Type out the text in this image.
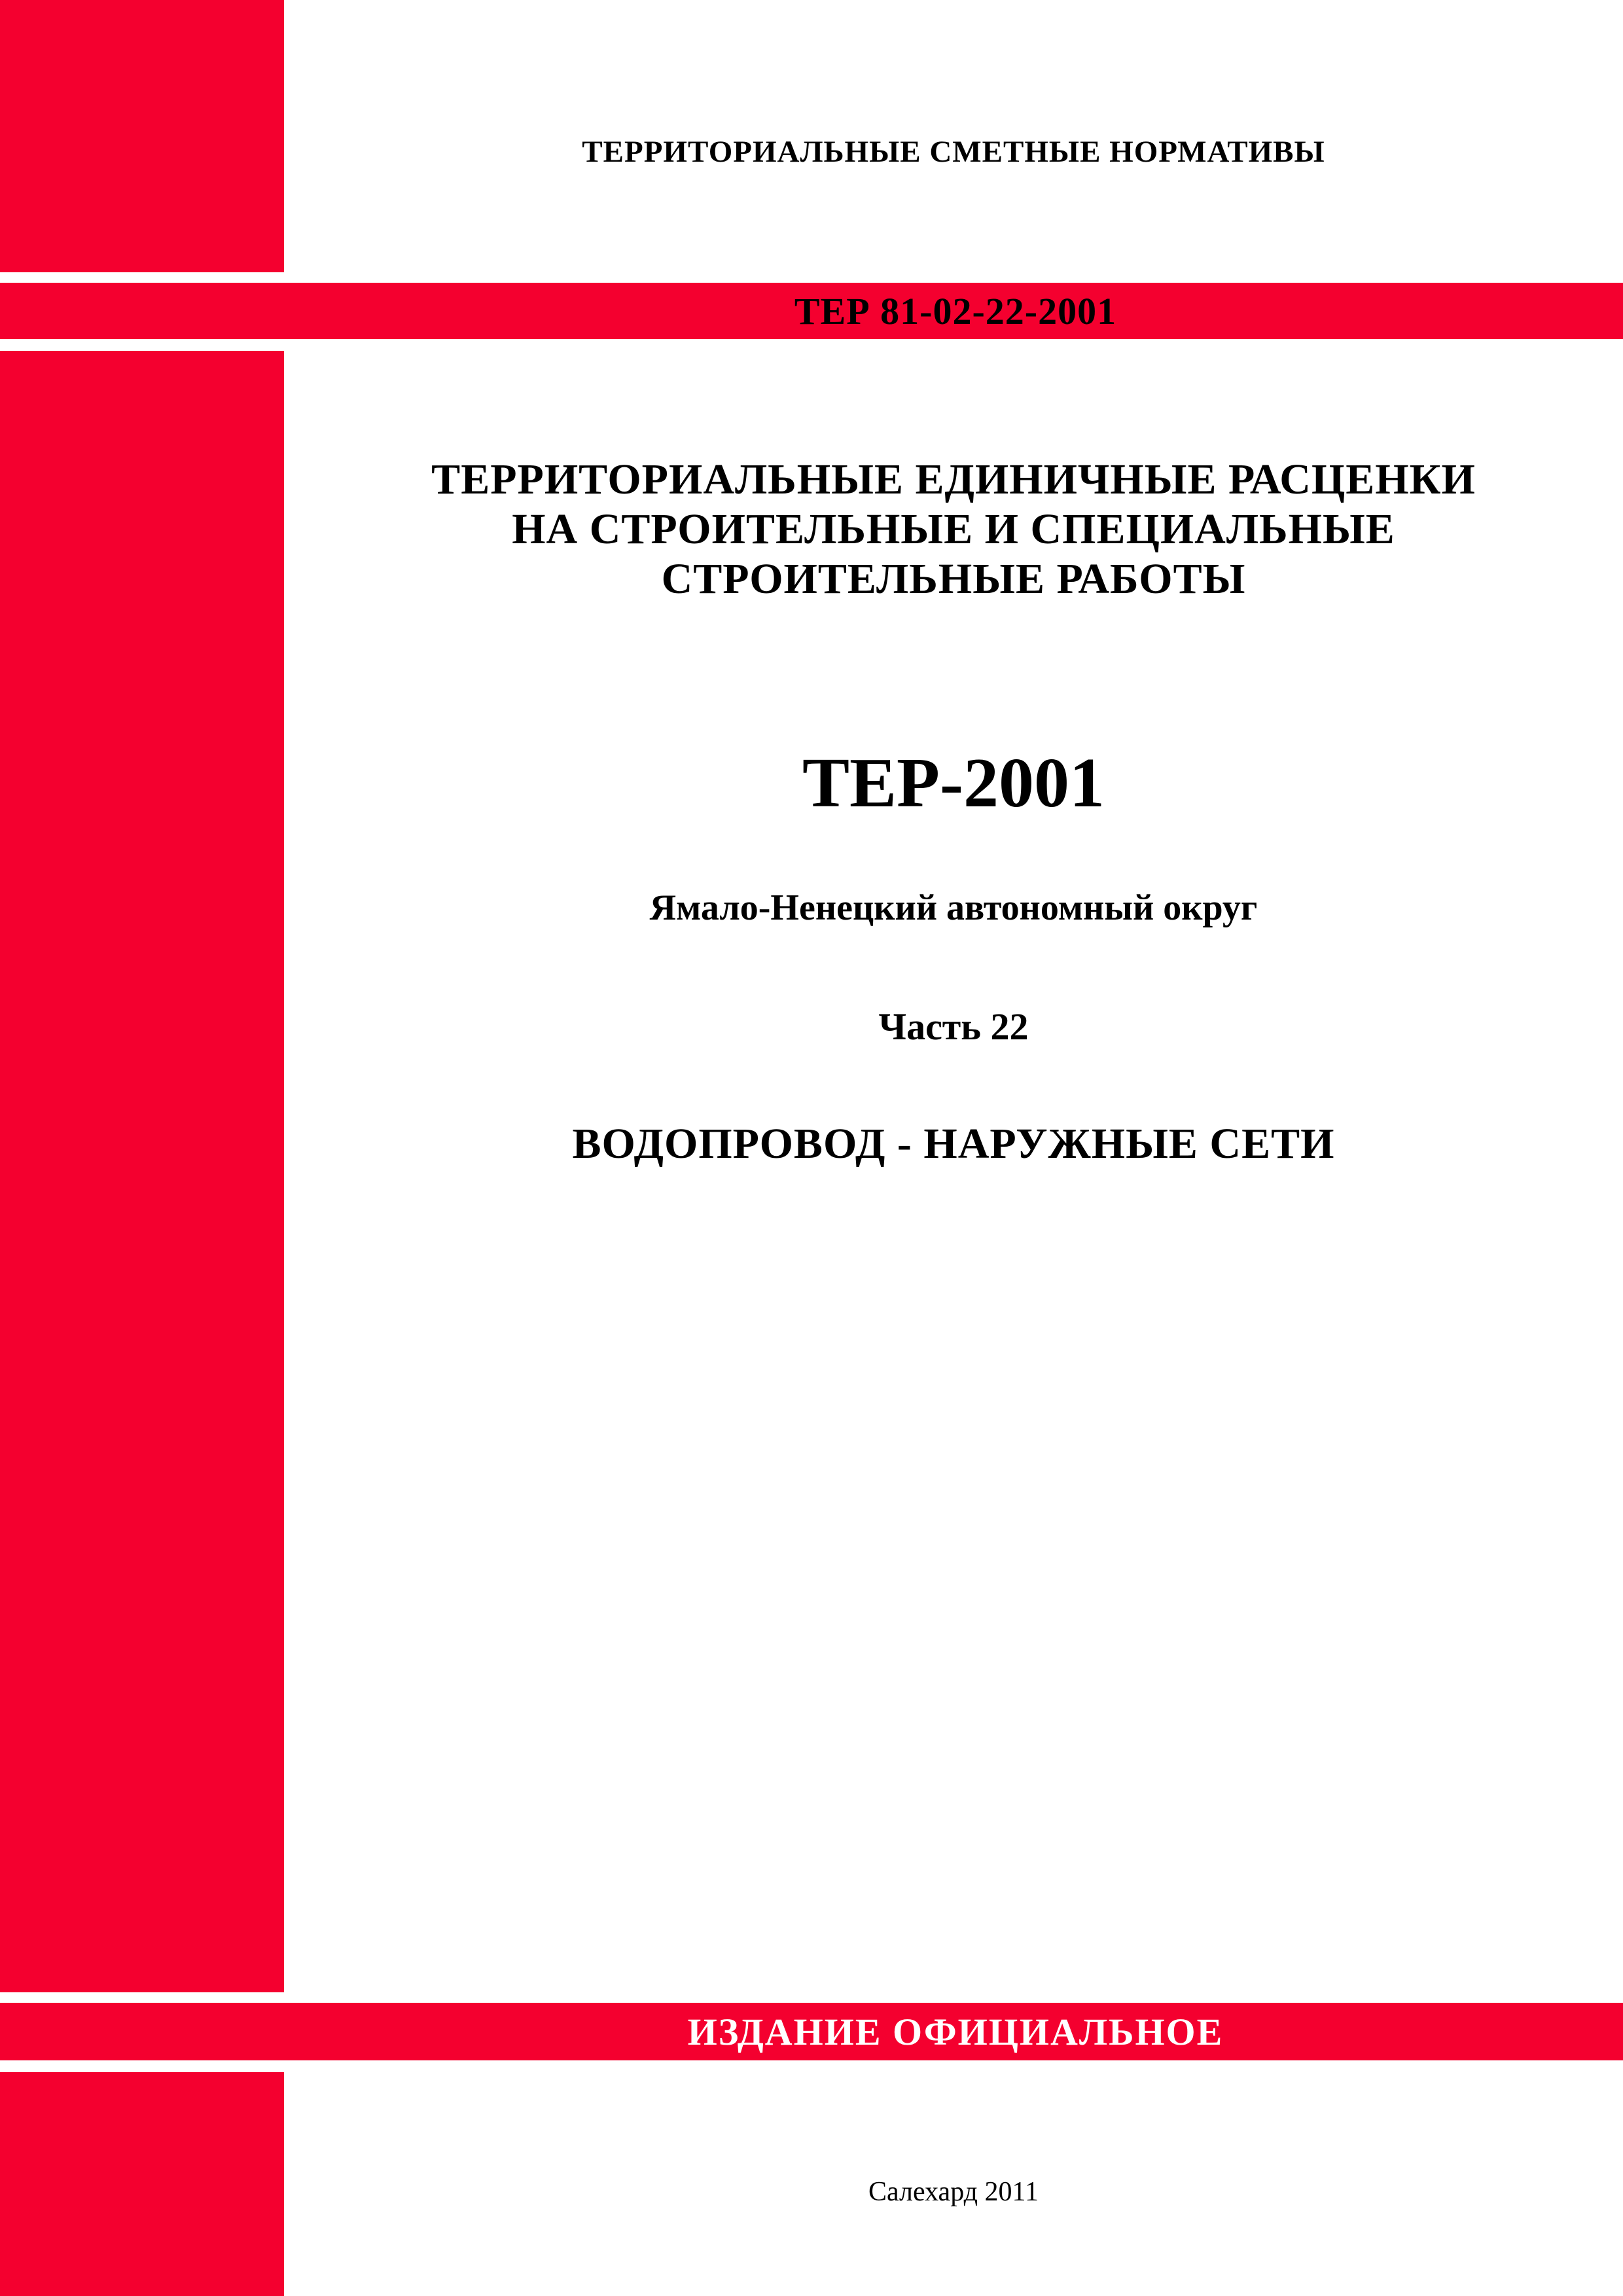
ТЕР 81-02-22-2001
ИЗДАНИЕ ОФИЦИАЛЬНОЕ
ТЕРРИТОРИАЛЬНЫЕ СМЕТНЫЕ НОРМАТИВЫ
ТЕРРИТОРИАЛЬНЫЕ ЕДИНИЧНЫЕ РАСЦЕНКИ
НА СТРОИТЕЛЬНЫЕ И СПЕЦИАЛЬНЫЕ
СТРОИТЕЛЬНЫЕ РАБОТЫ
ТЕР-2001
Ямало-Ненецкий автономный округ
Часть 22
ВОДОПРОВОД - НАРУЖНЫЕ СЕТИ
Салехард 2011
